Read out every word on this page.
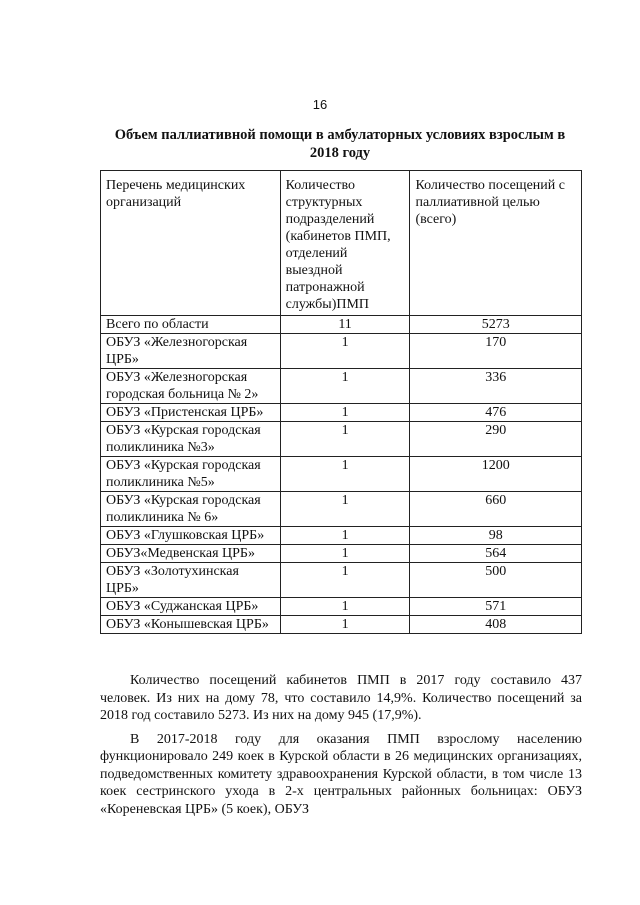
16
Объем паллиативной помощи в амбулаторных условиях взрослым в 2018 году
Перечень медицинских организаций	Количество структурных подразделений (кабинетов ПМП, отделений выездной патронажной службы)ПМП	Количество посещений с паллиативной целью (всего)
Всего по области	11	5273
ОБУЗ «Железногорская ЦРБ»	1	170
ОБУЗ «Железногорская городская больница № 2»	1	336
ОБУЗ «Пристенская ЦРБ»	1	476
ОБУЗ «Курская городская поликлиника №3»	1	290
ОБУЗ «Курская городская поликлиника №5»	1	1200
ОБУЗ «Курская городская поликлиника № 6»	1	660
ОБУЗ «Глушковская ЦРБ»	1	98
ОБУЗ«Медвенская ЦРБ»	1	564
ОБУЗ «Золотухинская ЦРБ»	1	500
ОБУЗ «Суджанская ЦРБ»	1	571
ОБУЗ «Конышевская ЦРБ»	1	408

Количество посещений кабинетов ПМП в 2017 году составило 437 человек. Из них на дому 78, что составило 14,9%. Количество посещений за 2018 год составило 5273. Из них на дому 945 (17,9%).

В 2017-2018 году для оказания ПМП взрослому населению функционировало 249 коек в Курской области в 26 медицинских организациях, подведомственных комитету здравоохранения Курской области, в том числе 13 коек сестринского ухода в 2-х центральных районных больницах: ОБУЗ «Кореневская ЦРБ» (5 коек), ОБУЗ
